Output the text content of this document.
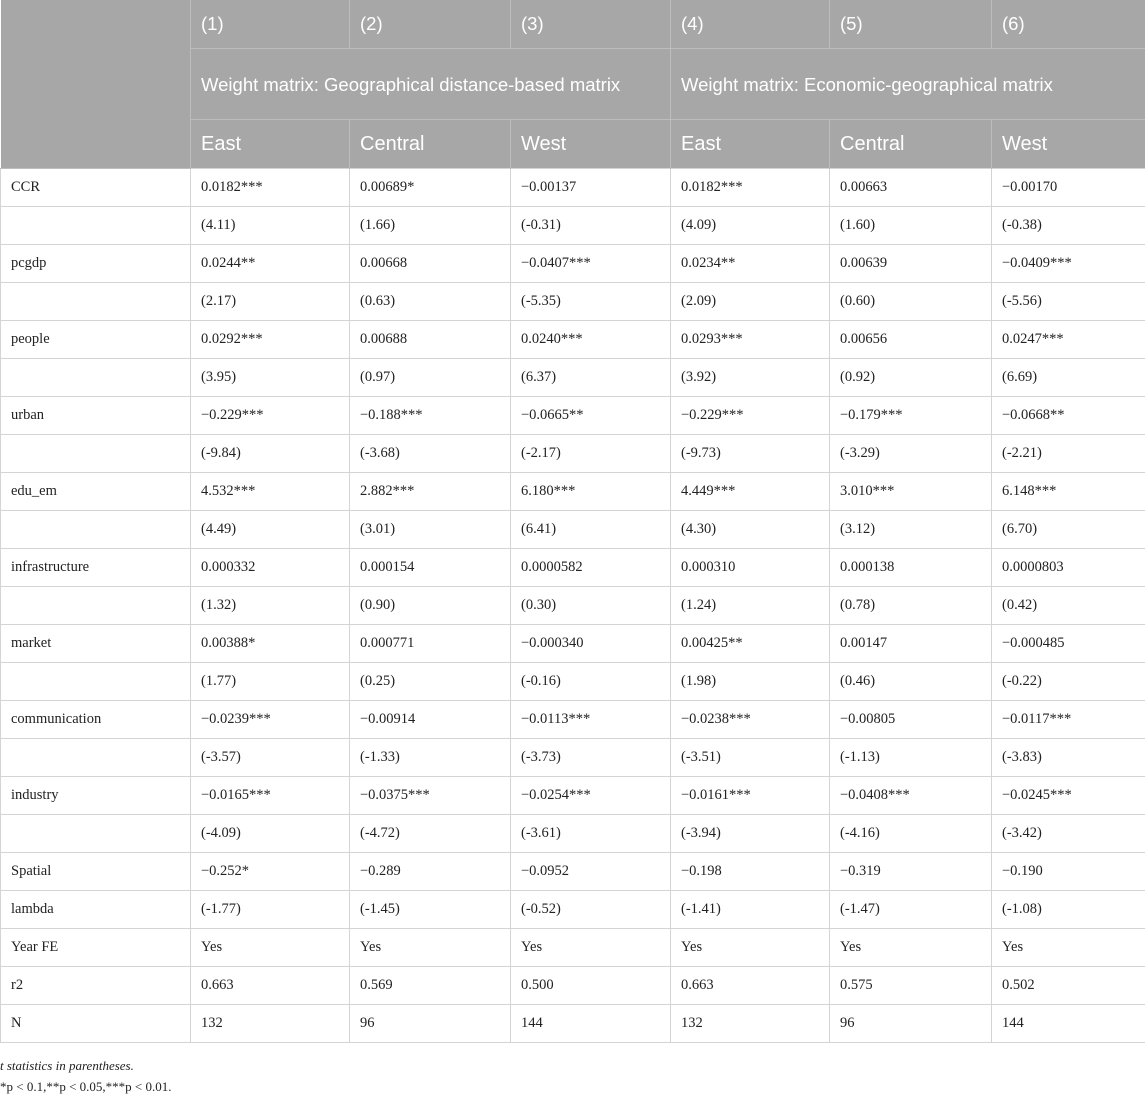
	(1)	(2)	(3)	(4)	(5)	(6)
	Weight matrix: Geographical distance-based matrix			Weight matrix: Economic-geographical matrix		
	East	Central	West	East	Central	West
CCR	0.0182***	0.00689*	−0.00137	0.0182***	0.00663	−0.00170
	(4.11)	(1.66)	(-0.31)	(4.09)	(1.60)	(-0.38)
pcgdp	0.0244**	0.00668	−0.0407***	0.0234**	0.00639	−0.0409***
	(2.17)	(0.63)	(-5.35)	(2.09)	(0.60)	(-5.56)
people	0.0292***	0.00688	0.0240***	0.0293***	0.00656	0.0247***
	(3.95)	(0.97)	(6.37)	(3.92)	(0.92)	(6.69)
urban	−0.229***	−0.188***	−0.0665**	−0.229***	−0.179***	−0.0668**
	(-9.84)	(-3.68)	(-2.17)	(-9.73)	(-3.29)	(-2.21)
edu_em	4.532***	2.882***	6.180***	4.449***	3.010***	6.148***
	(4.49)	(3.01)	(6.41)	(4.30)	(3.12)	(6.70)
infrastructure	0.000332	0.000154	0.0000582	0.000310	0.000138	0.0000803
	(1.32)	(0.90)	(0.30)	(1.24)	(0.78)	(0.42)
market	0.00388*	0.000771	−0.000340	0.00425**	0.00147	−0.000485
	(1.77)	(0.25)	(-0.16)	(1.98)	(0.46)	(-0.22)
communication	−0.0239***	−0.00914	−0.0113***	−0.0238***	−0.00805	−0.0117***
	(-3.57)	(-1.33)	(-3.73)	(-3.51)	(-1.13)	(-3.83)
industry	−0.0165***	−0.0375***	−0.0254***	−0.0161***	−0.0408***	−0.0245***
	(-4.09)	(-4.72)	(-3.61)	(-3.94)	(-4.16)	(-3.42)
Spatial	−0.252*	−0.289	−0.0952	−0.198	−0.319	−0.190
lambda	(-1.77)	(-1.45)	(-0.52)	(-1.41)	(-1.47)	(-1.08)
Year FE	Yes	Yes	Yes	Yes	Yes	Yes
r2	0.663	0.569	0.500	0.663	0.575	0.502
N	132	96	144	132	96	144

t statistics in parentheses.

*p < 0.1,**p < 0.05,***p < 0.01.
